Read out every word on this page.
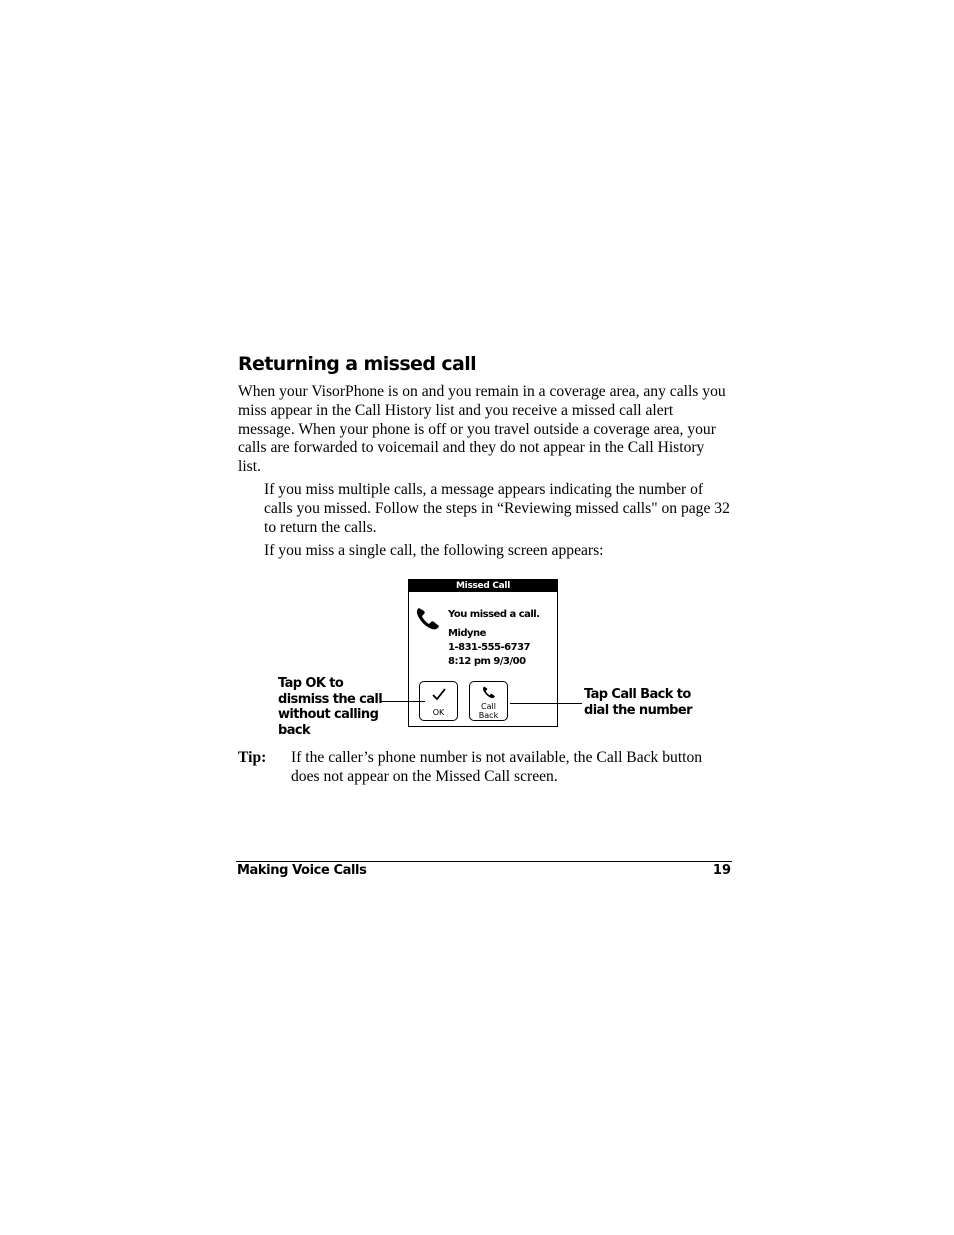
Returning a missed call

When your VisorPhone is on and you remain in a coverage area, any calls you miss appear in the Call History list and you receive a missed call alert message. When your phone is off or you travel outside a coverage area, your calls are forwarded to voicemail and they do not appear in the Call History list.

If you miss multiple calls, a message appears indicating the number of calls you missed. Follow the steps in “Reviewing missed calls" on page 32 to return the calls.

If you miss a single call, the following screen appears:

Missed Call
You missed a call.
Midyne
1-831-555-6737
8:12 pm 9/3/00
OK
Call
Back
Tap OK to dismiss the call without calling back
Tap Call Back to dial the number
Tip: If the caller’s phone number is not available, the Call Back button does not appear on the Missed Call screen.

Making Voice Calls	19
